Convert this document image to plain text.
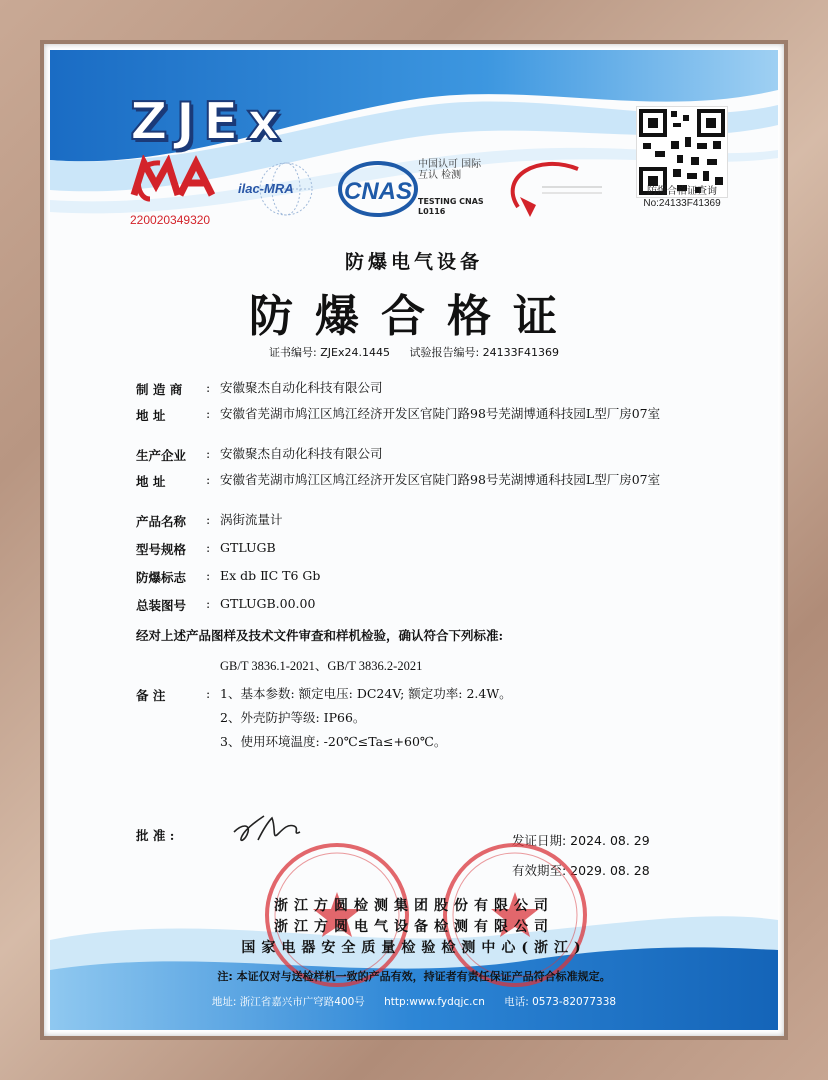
ZJEx
220020349320
ilac-MRA CNAS
中国认可 国际互认 检测
TESTING CNAS L0116
防爆合格证查询
No:24133F41369
防爆电气设备
防爆合格证
证书编号: ZJEx24.1445 试验报告编号: 24133F41369
制 造 商	: 安徽聚杰自动化科技有限公司
地 址	: 安徽省芜湖市鸠江区鸠江经济开发区官陡门路98号芜湖博通科技园L型厂房07室
生产企业	: 安徽聚杰自动化科技有限公司
地 址	: 安徽省芜湖市鸠江区鸠江经济开发区官陡门路98号芜湖博通科技园L型厂房07室
产品名称	: 涡街流量计
型号规格	: GTLUGB
防爆标志	: Ex db ⅡC T6 Gb
总装图号	: GTLUGB.00.00
经对上述产品图样及技术文件审查和样机检验，确认符合下列标准:
GB/T 3836.1-2021、GB/T 3836.2-2021
备 注	: 1、基本参数: 额定电压: DC24V; 额定功率: 2.4W。
2、外壳防护等级: IP66。
3、使用环境温度: -20℃≤Ta≤+60℃。
批 准 :	发证日期: 2024. 08. 29
有效期至: 2029. 08. 28
浙江方圆检测集团股份有限公司
浙江方圆电气设备检测有限公司
国家电器安全质量检验检测中心(浙江)
注: 本证仅对与送检样机一致的产品有效，持证者有责任保证产品符合标准规定。
地址: 浙江省嘉兴市广穹路400号 http:www.fydqjc.cn 电话: 0573-82077338
